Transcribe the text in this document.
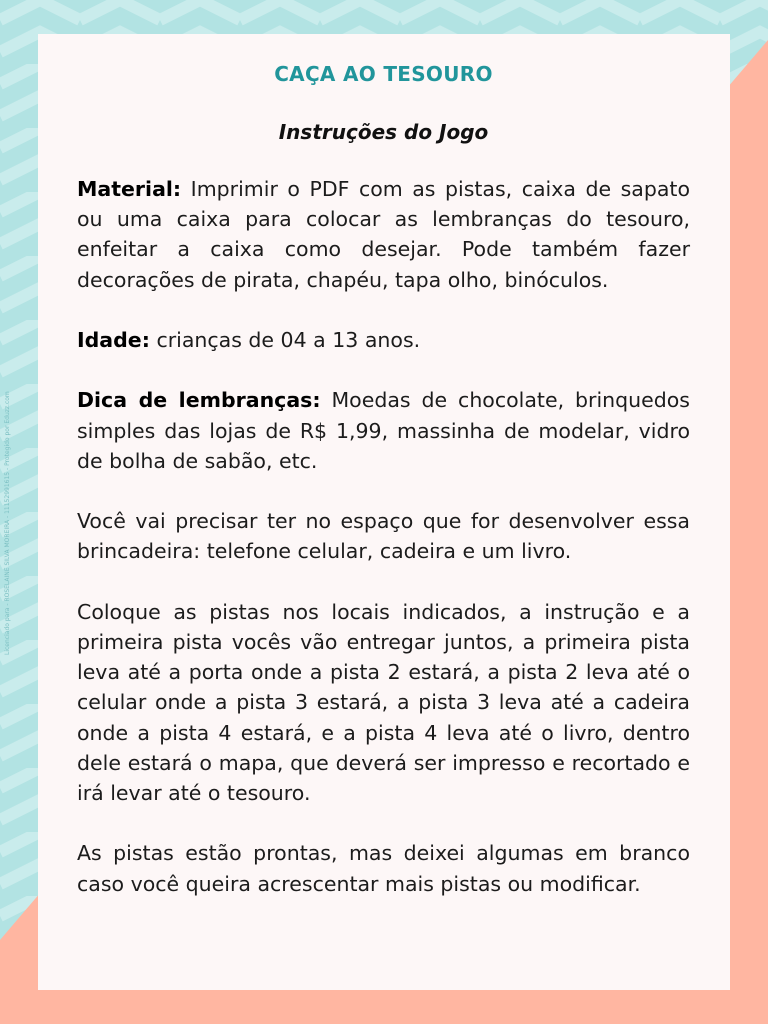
Licenciado para - ROSELAINE SILVA MOREIRA - 11152991615 - Protegido por Eduzz.com
CAÇA AO TESOURO
Instruções do Jogo

Material: Imprimir o PDF com as pistas, caixa de sapato ou uma caixa para colocar as lembranças do tesouro, enfeitar a caixa como desejar. Pode também fazer decorações de pirata, chapéu, tapa olho, binóculos.

Idade: crianças de 04 a 13 anos.

Dica de lembranças: Moedas de chocolate, brinquedos simples das lojas de R$ 1,99, massinha de modelar, vidro de bolha de sabão, etc.

Você vai precisar ter no espaço que for desenvolver essa brincadeira: telefone celular, cadeira e um livro.

Coloque as pistas nos locais indicados, a instrução e a primeira pista vocês vão entregar juntos, a primeira pista leva até a porta onde a pista 2 estará, a pista 2 leva até o celular onde a pista 3 estará, a pista 3 leva até a cadeira onde a pista 4 estará, e a pista 4 leva até o livro, dentro dele estará o mapa, que deverá ser impresso e recortado e irá levar até o tesouro.

As pistas estão prontas, mas deixei algumas em branco caso você queira acrescentar mais pistas ou modificar.
